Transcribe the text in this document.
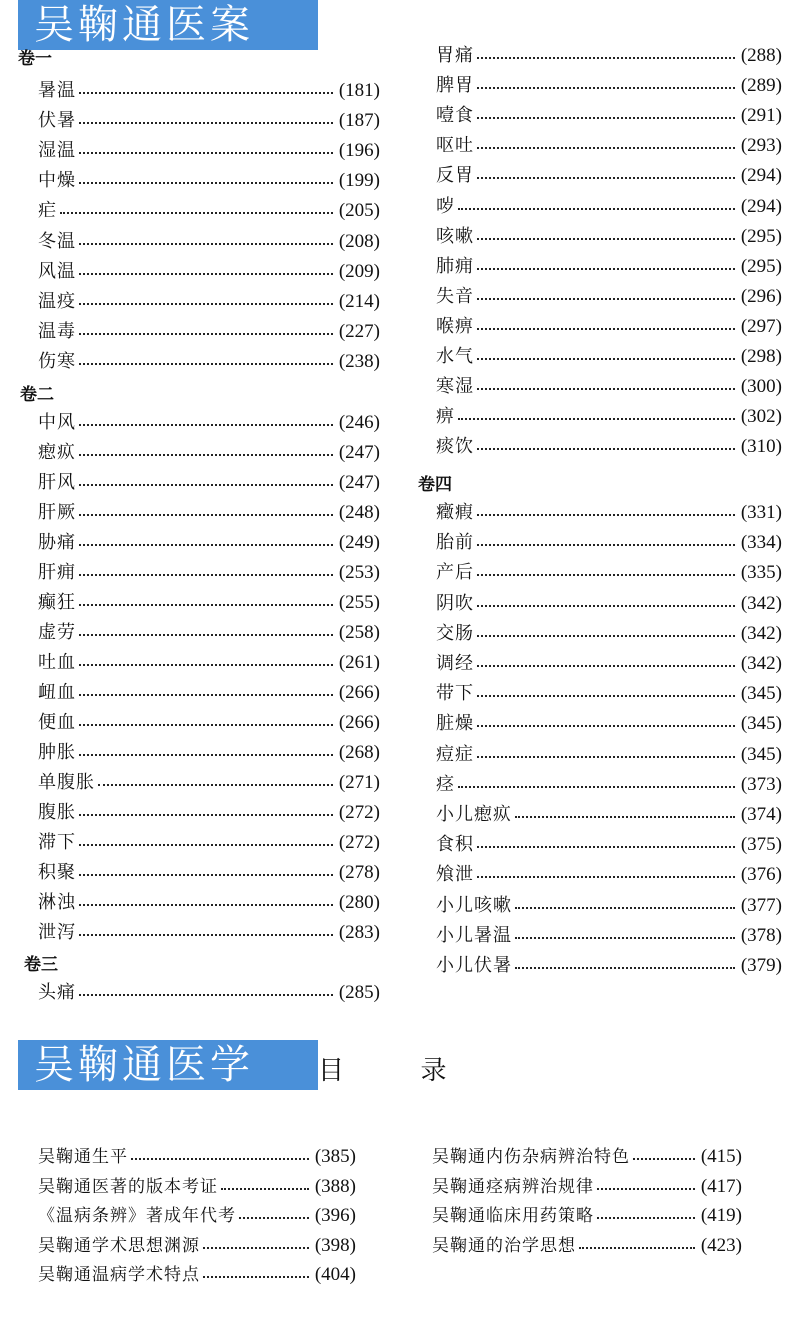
吴鞠通医案
卷一
卷二
卷三
卷四
暑温	(181)
伏暑	(187)
湿温	(196)
中燥	(199)
疟	(205)
冬温	(208)
风温	(209)
温疫	(214)
温毒	(227)
伤寒	(238)
中风	(246)
瘛疭	(247)
肝风	(247)
肝厥	(248)
胁痛	(249)
肝痈	(253)
癫狂	(255)
虚劳	(258)
吐血	(261)
衄血	(266)
便血	(266)
肿胀	(268)
单腹胀	(271)
腹胀	(272)
滞下	(272)
积聚	(278)
淋浊	(280)
泄泻	(283)
头痛	(285)
胃痛	(288)
脾胃	(289)
噎食	(291)
呕吐	(293)
反胃	(294)
哕	(294)
咳嗽	(295)
肺痈	(295)
失音	(296)
喉痹	(297)
水气	(298)
寒湿	(300)
痹	(302)
痰饮	(310)
癥瘕	(331)
胎前	(334)
产后	(335)
阴吹	(342)
交肠	(342)
调经	(342)
带下	(345)
脏燥	(345)
痘症	(345)
痉	(373)
小儿瘛疭	(374)
食积	(375)
飧泄	(376)
小儿咳嗽	(377)
小儿暑温	(378)
小儿伏暑	(379)
吴鞠通医学	目	录
吴鞠通生平	(385)
吴鞠通医著的版本考证	(388)
《温病条辨》著成年代考	(396)
吴鞠通学术思想渊源	(398)
吴鞠通温病学术特点	(404)
吴鞠通内伤杂病辨治特色	(415)
吴鞠通痉病辨治规律	(417)
吴鞠通临床用药策略	(419)
吴鞠通的治学思想	(423)
